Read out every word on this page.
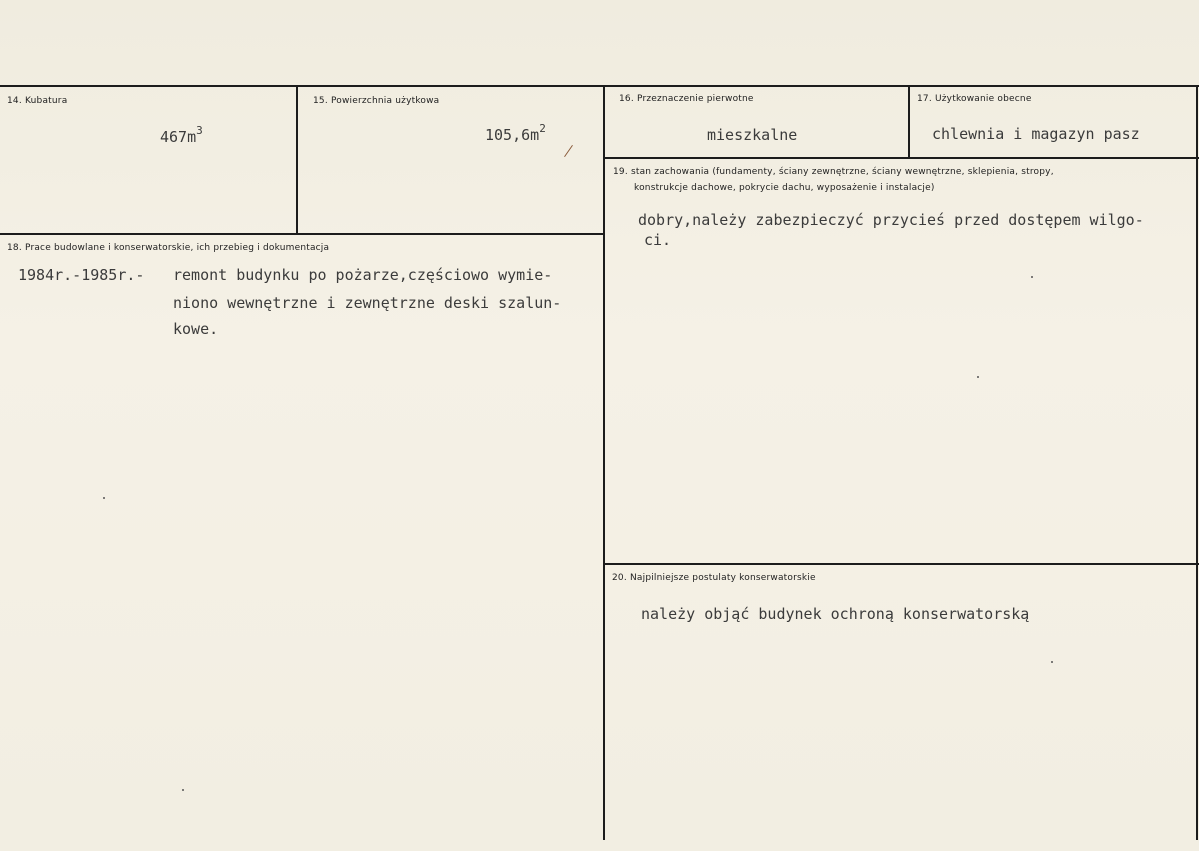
14. Kubatura
$467m^3$
15. Powierzchnia użytkowa
$105,6m^2$
16. Przeznaczenie pierwotne
mieszkalne
17. Użytkowanie obecne
chlewnia i magazyn pasz
19. stan zachowania (fundamenty, ściany zewnętrzne, ściany wewnętrzne, sklepienia, stropy,
konstrukcje dachowe, pokrycie dachu, wyposażenie i instalacje)
dobry,należy zabezpieczyć przycieś przed dostępem wilgo-
ci.
18. Prace budowlane i konserwatorskie, ich przebieg i dokumentacja
1984r.-1985r.- remont budynku po pożarze,częściowo wymie-
niono wewnętrzne i zewnętrzne deski szalun-
kowe.
20. Najpilniejsze postulaty konserwatorskie
należy objąć budynek ochroną konserwatorską
